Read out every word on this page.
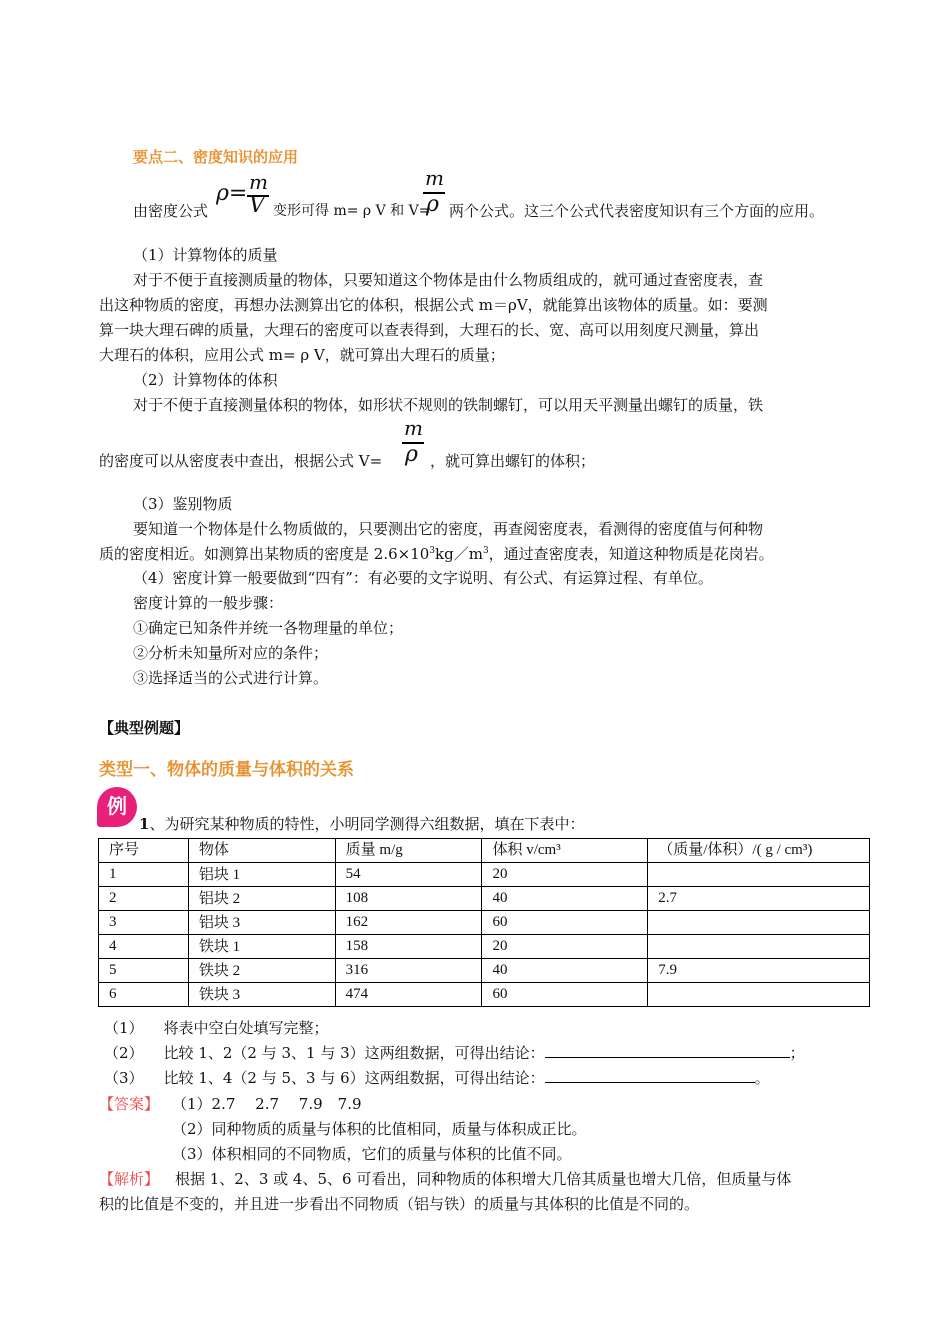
要点二、密度知识的应用
由密度公式
ρ= m
V 变形可得 m= ρ V 和 V=
m
ρ 两个公式。这三个公式代表密度知识有三个方面的应用。
（1）计算物体的质量
对于不便于直接测质量的物体，只要知道这个物体是由什么物质组成的，就可通过查密度表，查
出这种物质的密度，再想办法测算出它的体积，根据公式 m＝ρV，就能算出该物体的质量。如：要测
算一块大理石碑的质量，大理石的密度可以查表得到，大理石的长、宽、高可以用刻度尺测量，算出
大理石的体积，应用公式 m= ρ V，就可算出大理石的质量；
（2）计算物体的体积
对于不便于直接测量体积的物体，如形状不规则的铁制螺钉，可以用天平测量出螺钉的质量，铁
的密度可以从密度表中查出，根据公式 V=
m
ρ ，就可算出螺钉的体积；
（3）鉴别物质
要知道一个物体是什么物质做的，只要测出它的密度，再查阅密度表，看测得的密度值与何种物
质的密度相近。如测算出某物质的密度是 $2.6\times 10^3kg/m^3$，通过查密度表，知道这种物质是花岗岩。
（4）密度计算一般要做到“四有”：有必要的文字说明、有公式、有运算过程、有单位。
密度计算的一般步骤：
①确定已知条件并统一各物理量的单位；
②分析未知量所对应的条件；
③选择适当的公式进行计算。
【典型例题】
类型一、物体的质量与体积的关系
例
1、为研究某种物质的特性，小明同学测得六组数据，填在下表中：
序号	物体	质量 m/g	体积 v/cm³	（质量/体积）/( g / cm³)
1	铝块 1	54	20	
2	铝块 2	108	40	2.7
3	铝块 3	162	60	
4	铁块 1	158	20	
5	铁块 2	316	40	7.9
6	铁块 3	474	60	
（1） 将表中空白处填写完整；
（2） 比较 1、2（2 与 3、1 与 3）这两组数据，可得出结论：	；
（3） 比较 1、4（2 与 5、3 与 6）这两组数据，可得出结论：	。
【答案】 （1）2.7　 2.7　 7.9　7.9
（2）同种物质的质量与体积的比值相同，质量与体积成正比。
（3）体积相同的不同物质，它们的质量与体积的比值不同。
【解析】 根据 1、2、3 或 4、5、6 可看出，同种物质的体积增大几倍其质量也增大几倍，但质量与体
积的比值是不变的，并且进一步看出不同物质（铝与铁）的质量与其体积的比值是不同的。
